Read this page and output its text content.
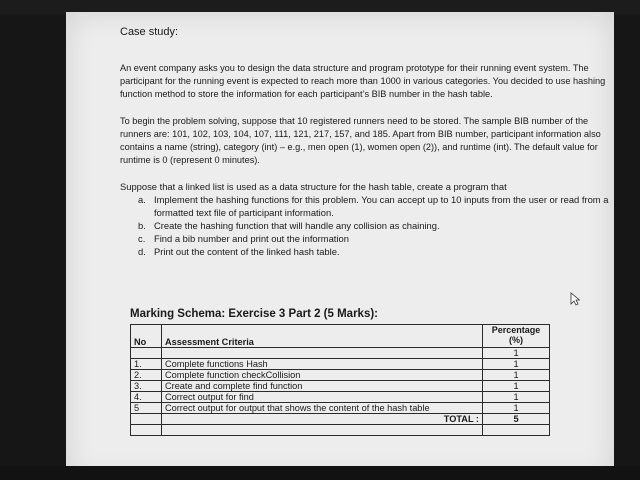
Case study:

An event company asks you to design the data structure and program prototype for their running event system. The participant for the running event is expected to reach more than 1000 in various categories. You decided to use hashing function method to store the information for each participant’s BIB number in the hash table.

To begin the problem solving, suppose that 10 registered runners need to be stored. The sample BIB number of the runners are: 101, 102, 103, 104, 107, 111, 121, 217, 157, and 185. Apart from BIB number, participant information also contains a name (string), category (int) – e.g., men open (1), women open (2)), and runtime (int). The default value for runtime is 0 (represent 0 minutes).

Suppose that a linked list is used as a data structure for the hash table, create a program that

a. Implement the hashing functions for this problem. You can accept up to 10 inputs from the user or read from a formatted text file of participant information.
b. Create the hashing function that will handle any collision as chaining.
c. Find a bib number and print out the information
d. Print out the content of the linked hash table.
Marking Schema: Exercise 3 Part 2 (5 Marks):
No	Assessment Criteria	Percentage (%)
		1
1.	Complete functions Hash	1
2.	Complete function checkCollision	1
3.	Create and complete find function	1
4.	Correct output for find	1
5	Correct output for output that shows the content of the hash table	1
	TOTAL :	5
